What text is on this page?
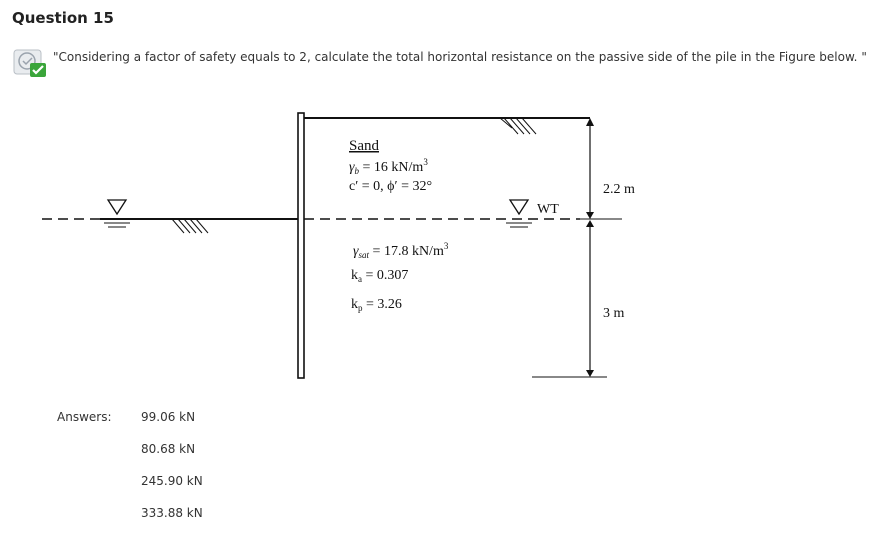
Question 15
"Considering a factor of safety equals to 2, calculate the total horizontal resistance on the passive side of the pile in the Figure below. "
Sand
$\gamma_b = 16$ $kN/m^3$
c′ = 0, ϕ′ = 32°
WT
2.2 m
$\gamma_{sat} = 17.8$ $kN/m^3$
$k_a = 0.307$
$k_p = 3.26$
3 m
Answers: 99.06 kN
80.68 kN
245.90 kN
333.88 kN
